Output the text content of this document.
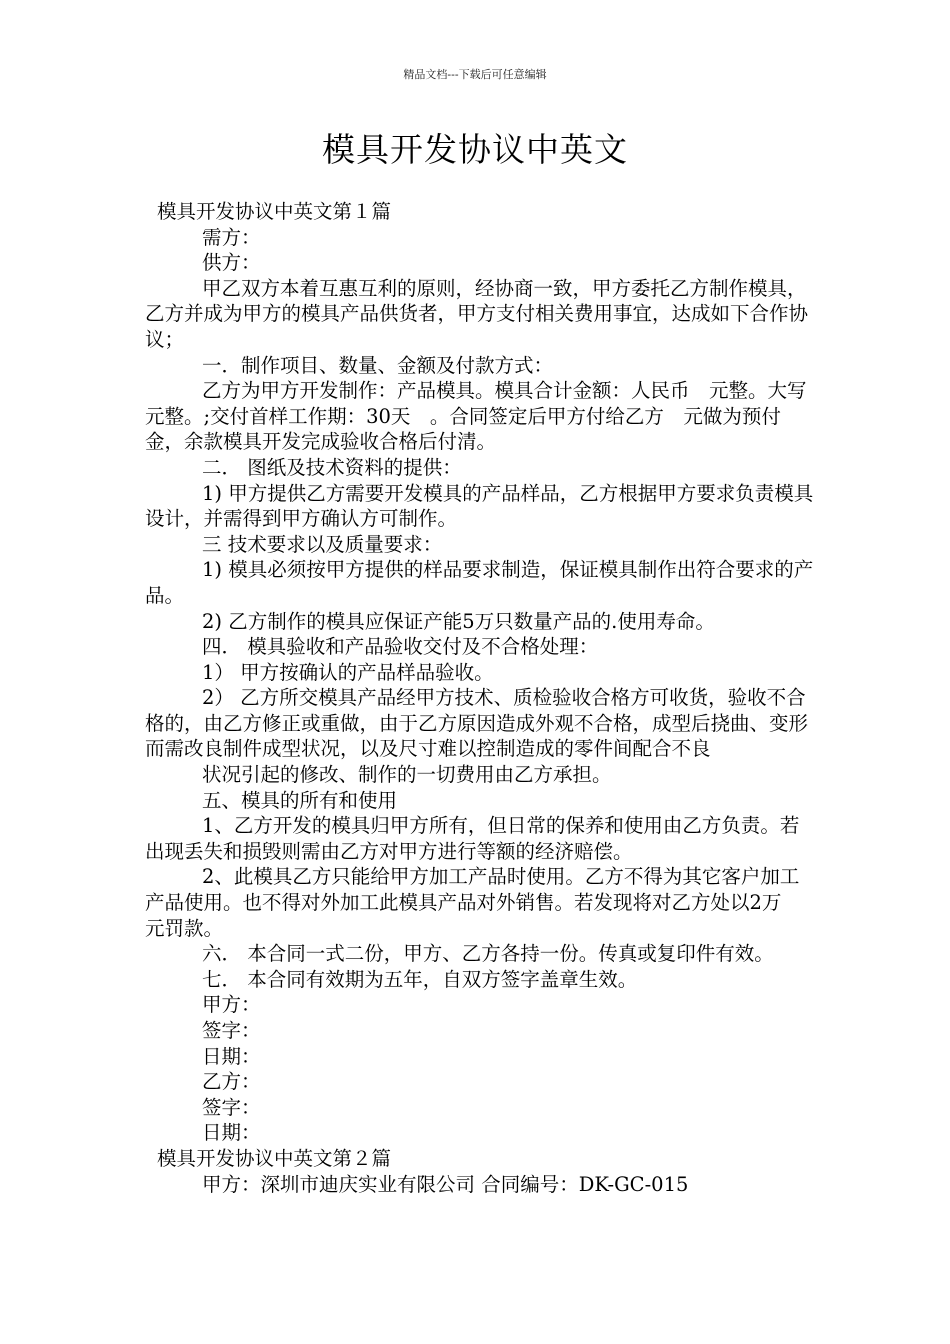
精品文档---下载后可任意编辑
模具开发协议中英文

模具开发协议中英文第１篇

需方：

供方：

甲乙双方本着互惠互利的原则，经协商一致，甲方委托乙方制作模具，乙方并成为甲方的模具产品供货者，甲方支付相关费用事宜，达成如下合作协议；

一．制作项目、数量、金额及付款方式：

乙方为甲方开发制作：产品模具。模具合计金额：人民币　元整。大写　元整。;交付首样工作期：30天　。合同签定后甲方付给乙方　元做为预付金，余款模具开发完成验收合格后付清。

二． 图纸及技术资料的提供：

1) 甲方提供乙方需要开发模具的产品样品，乙方根据甲方要求负责模具设计，并需得到甲方确认方可制作。

三 技术要求以及质量要求：

1) 模具必须按甲方提供的样品要求制造，保证模具制作出符合要求的产品。

2) 乙方制作的模具应保证产能5万只数量产品的.使用寿命。

四． 模具验收和产品验收交付及不合格处理：

1） 甲方按确认的产品样品验收。

2） 乙方所交模具产品经甲方技术、质检验收合格方可收货，验收不合格的，由乙方修正或重做，由于乙方原因造成外观不合格，成型后挠曲、变形而需改良制件成型状况，以及尺寸难以控制造成的零件间配合不良

状况引起的修改、制作的一切费用由乙方承担。

五、模具的所有和使用

1、乙方开发的模具归甲方所有，但日常的保养和使用由乙方负责。若出现丢失和损毁则需由乙方对甲方进行等额的经济赔偿。

2、此模具乙方只能给甲方加工产品时使用。乙方不得为其它客户加工产品使用。也不得对外加工此模具产品对外销售。若发现将对乙方处以2万　　元罚款。

六． 本合同一式二份，甲方、乙方各持一份。传真或复印件有效。

七． 本合同有效期为五年，自双方签字盖章生效。

甲方：

签字：

日期：

乙方：

签字：

日期：

模具开发协议中英文第２篇

甲方：深圳市迪庆实业有限公司 合同编号：DK-GC-015
